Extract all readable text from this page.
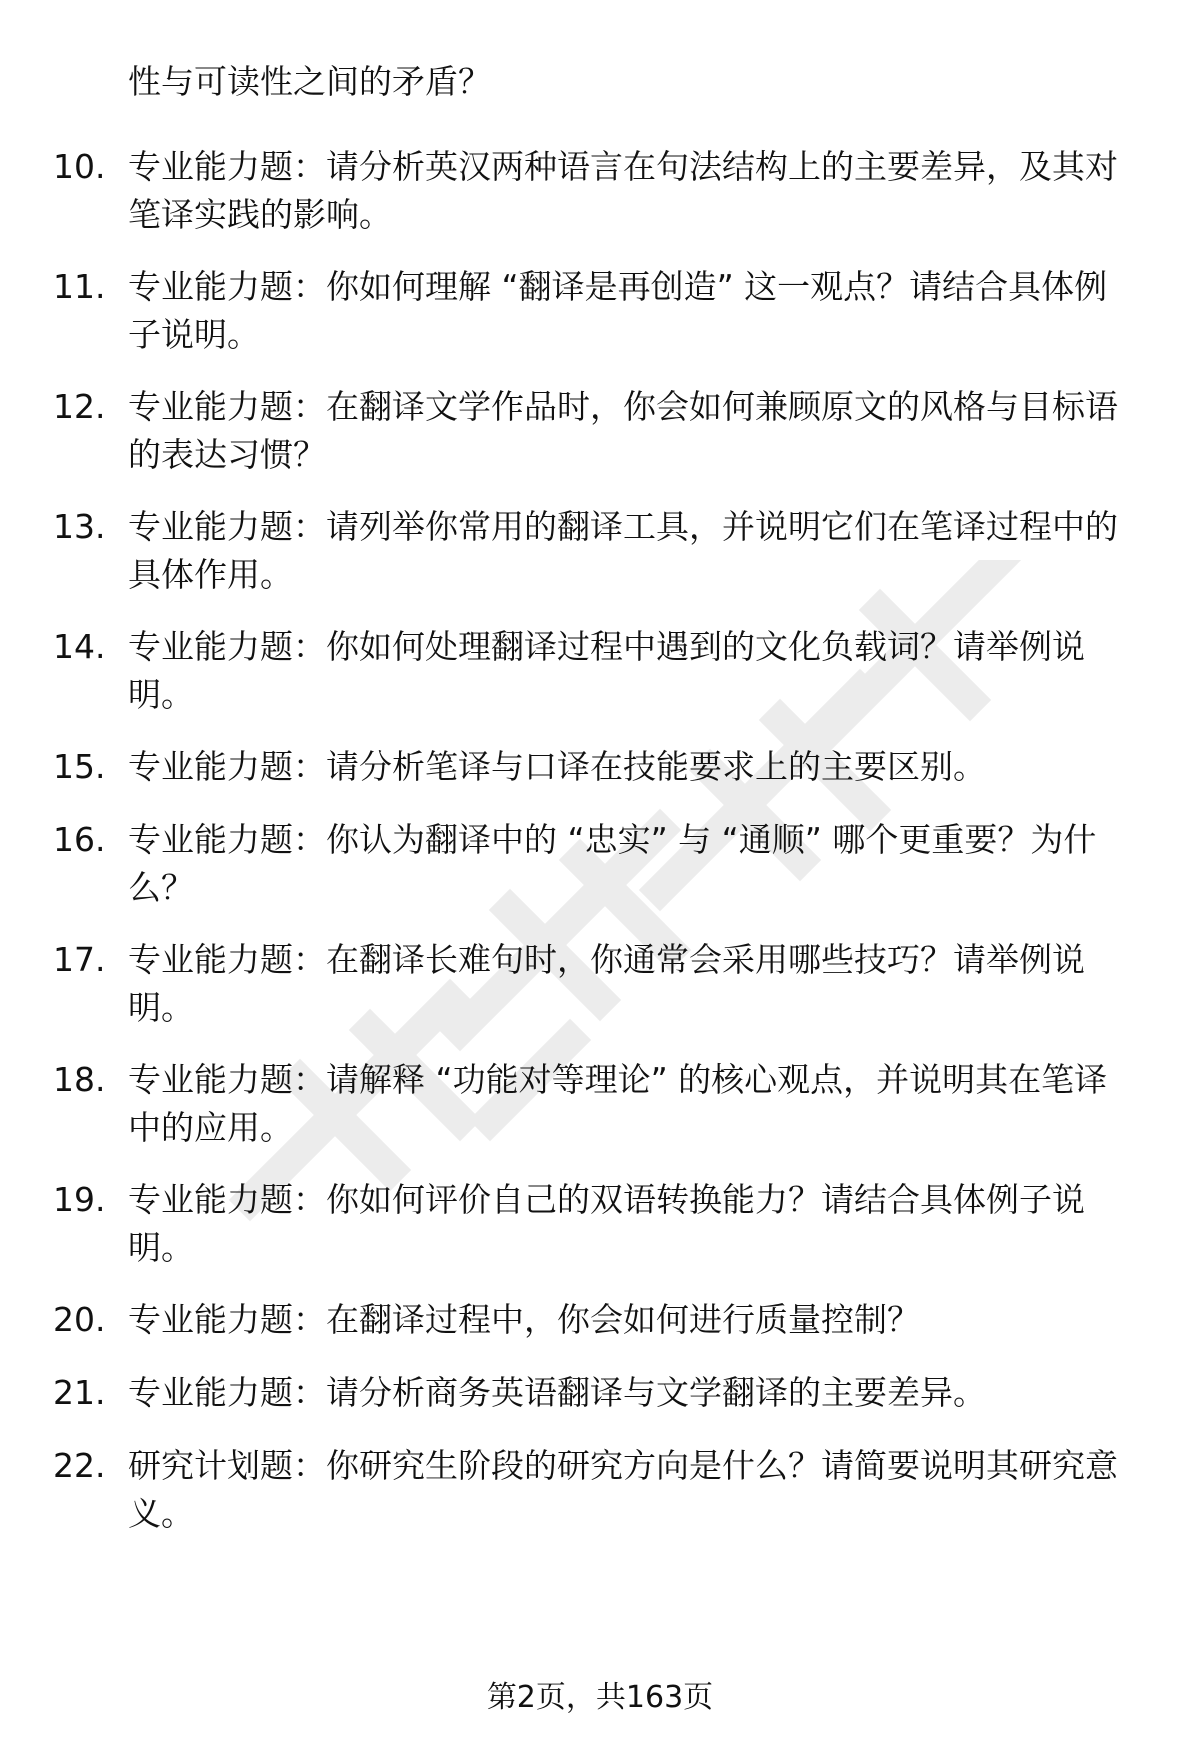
性与可读性之间的矛盾？
10. 专业能力题：请分析英汉两种语言在句法结构上的主要差异，及其对笔译实践的影响。
11. 专业能力题：你如何理解 “翻译是再创造” 这一观点？请结合具体例子说明。
12. 专业能力题：在翻译文学作品时，你会如何兼顾原文的风格与目标语的表达习惯？
13. 专业能力题：请列举你常用的翻译工具，并说明它们在笔译过程中的具体作用。
14. 专业能力题：你如何处理翻译过程中遇到的文化负载词？请举例说明。
15. 专业能力题：请分析笔译与口译在技能要求上的主要区别。
16. 专业能力题：你认为翻译中的 “忠实” 与 “通顺” 哪个更重要？为什么？
17. 专业能力题：在翻译长难句时，你通常会采用哪些技巧？请举例说明。
18. 专业能力题：请解释 “功能对等理论” 的核心观点，并说明其在笔译中的应用。
19. 专业能力题：你如何评价自己的双语转换能力？请结合具体例子说明。
20. 专业能力题：在翻译过程中，你会如何进行质量控制？
21. 专业能力题：请分析商务英语翻译与文学翻译的主要差异。
22. 研究计划题：你研究生阶段的研究方向是什么？请简要说明其研究意义。
第2页，共163页
